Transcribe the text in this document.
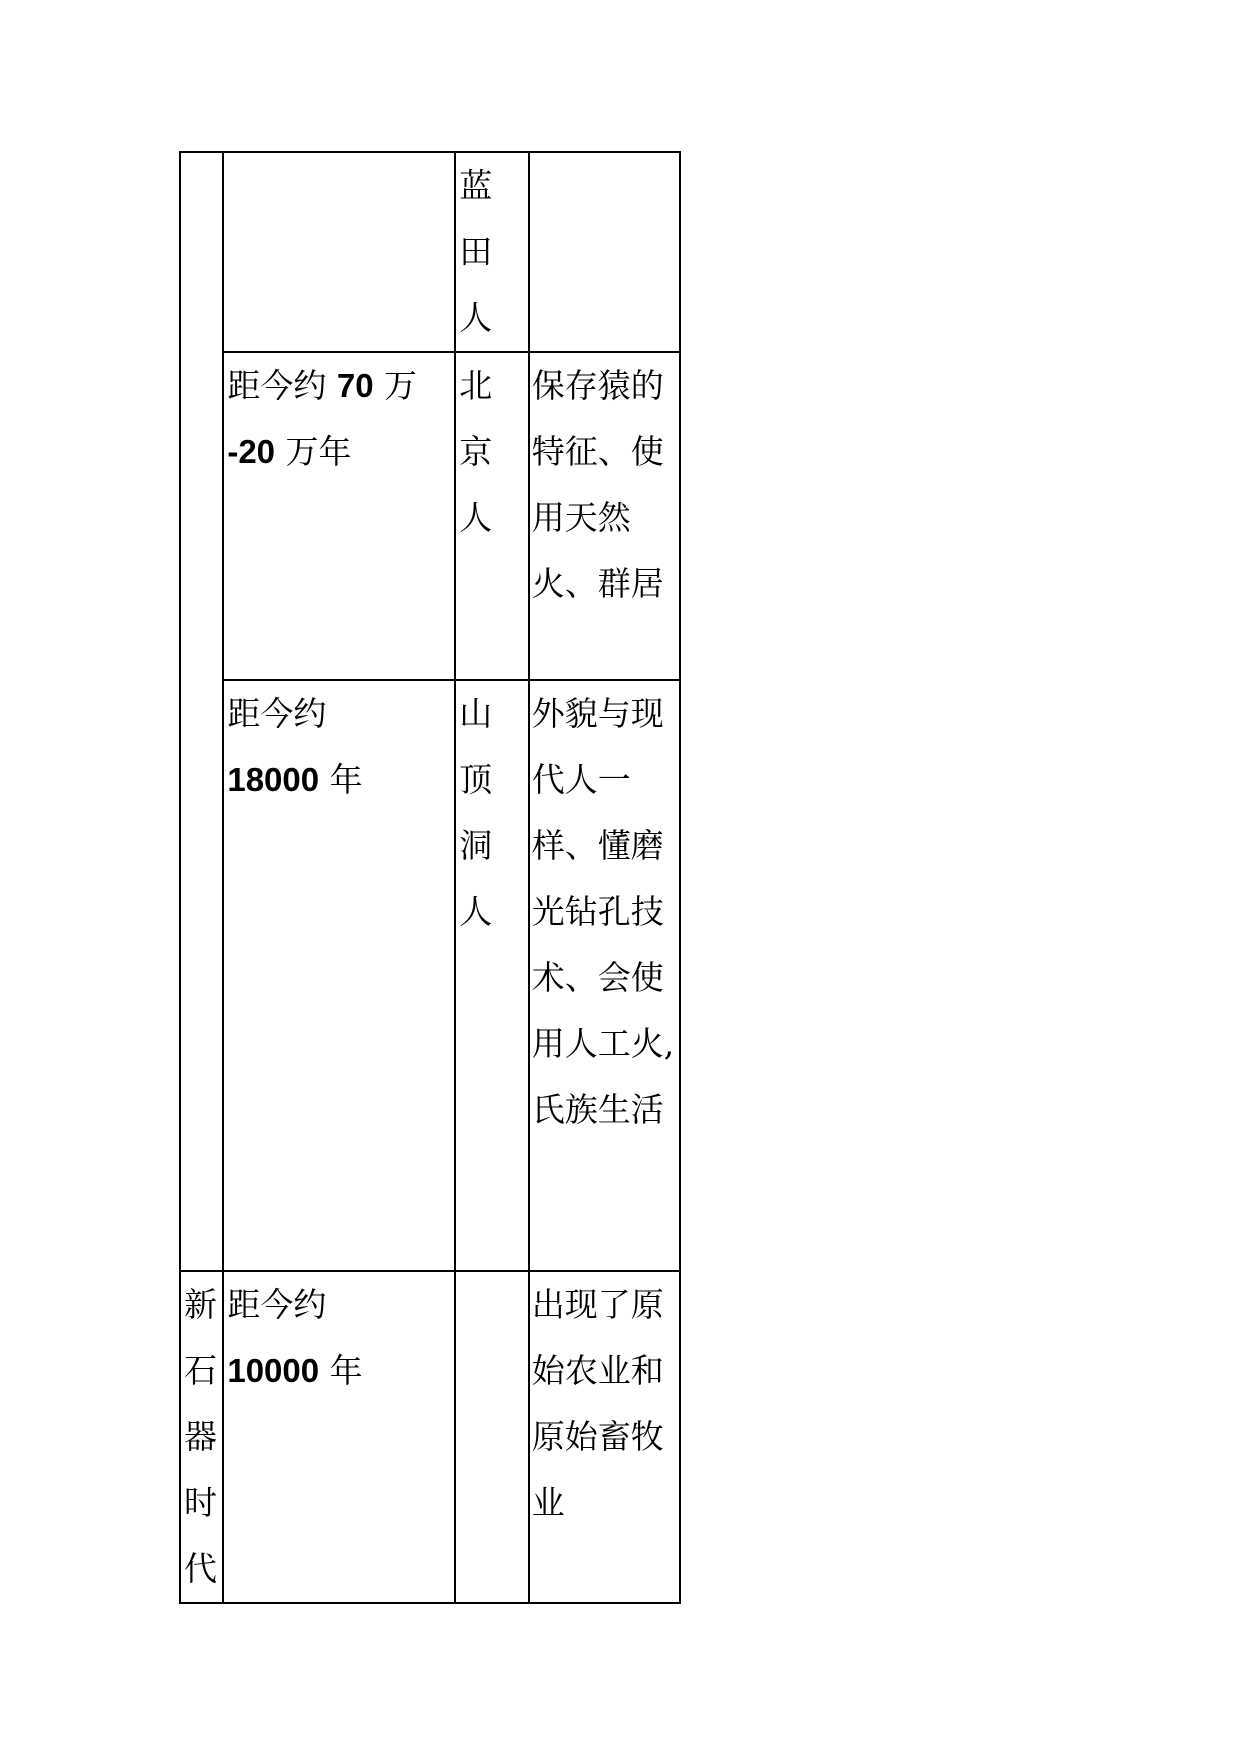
		蓝田人	

	距今约 70 万
-20 万年	北京人	保存猿的特征、使用天然火、群居

	距今约
18000 年	山顶洞人	外貌与现代人一样、懂磨光钻孔技术、会使用人工火,氏族生活

新石器时代	距今约
10000 年		出现了原始农业和原始畜牧业
